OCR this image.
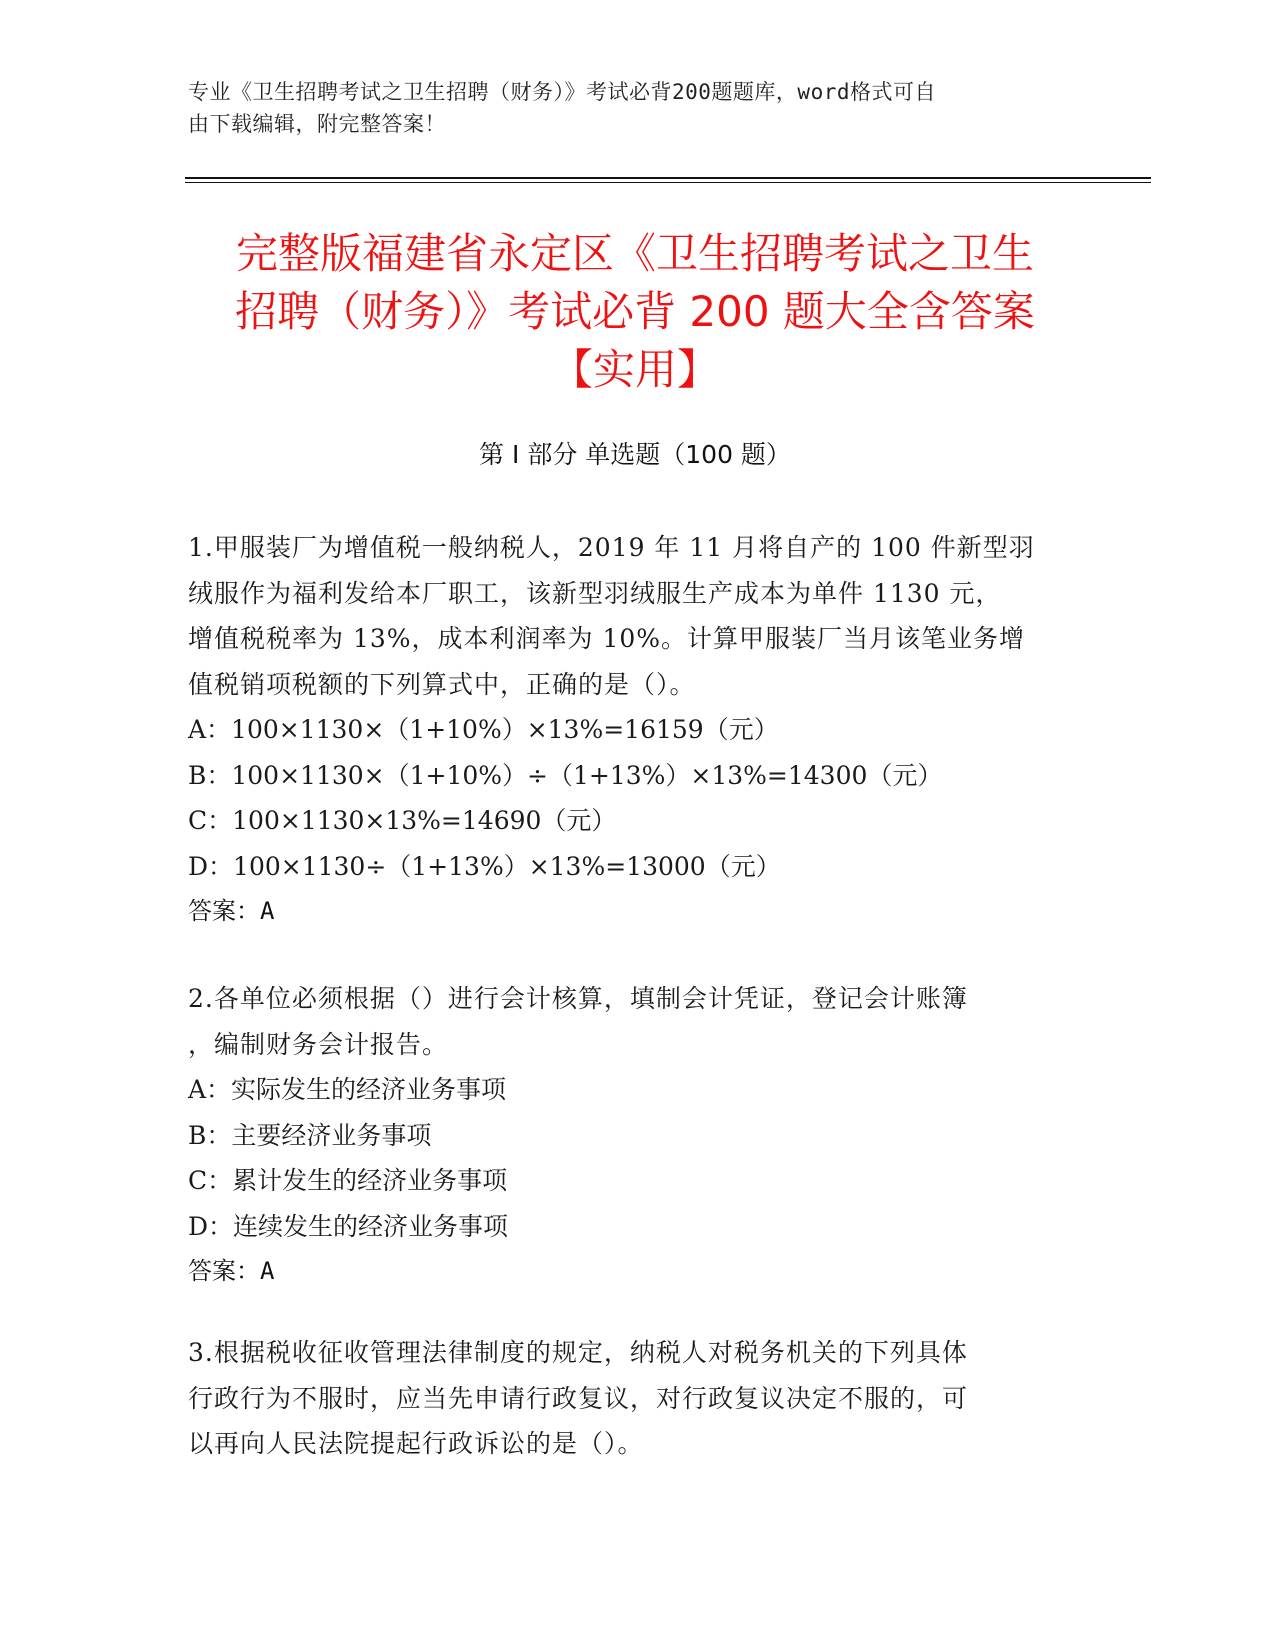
专业《卫生招聘考试之卫生招聘（财务）》考试必背200题题库，word格式可自
由下载编辑，附完整答案！
完整版福建省永定区《卫生招聘考试之卫生
招聘（财务）》考试必背 200 题大全含答案
【实用】
第 I 部分 单选题（100 题）
1.甲服装厂为增值税一般纳税人，2019 年 11 月将自产的 100 件新型羽
绒服作为福利发给本厂职工，该新型羽绒服生产成本为单件 1130 元，
增值税税率为 13%，成本利润率为 10%。计算甲服装厂当月该笔业务增
值税销项税额的下列算式中，正确的是（）。
A：100×1130×（1+10%）×13%=16159（元）
B：100×1130×（1+10%）÷（1+13%）×13%=14300（元）
C：100×1130×13%=14690（元）
D：100×1130÷（1+13%）×13%=13000（元）
答案：A
2.各单位必须根据（）进行会计核算，填制会计凭证，登记会计账簿
，编制财务会计报告。
A：实际发生的经济业务事项
B：主要经济业务事项
C：累计发生的经济业务事项
D：连续发生的经济业务事项
答案：A
3.根据税收征收管理法律制度的规定，纳税人对税务机关的下列具体
行政行为不服时，应当先申请行政复议，对行政复议决定不服的，可
以再向人民法院提起行政诉讼的是（）。
